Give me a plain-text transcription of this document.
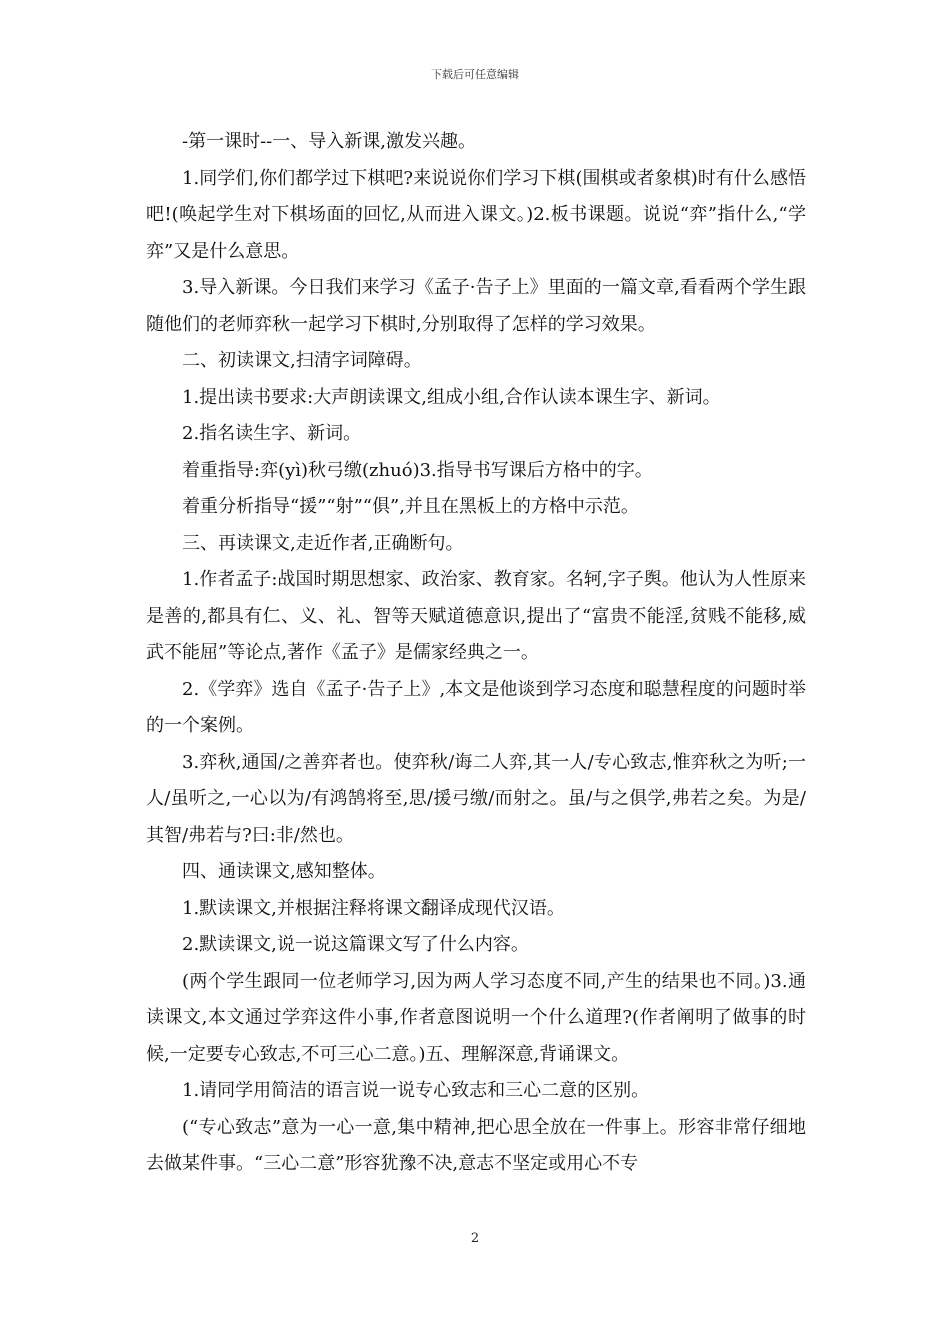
下载后可任意编辑

-第一课时--一、导入新课,激发兴趣。

1.同学们,你们都学过下棋吧?来说说你们学习下棋(围棋或者象棋)时有什么感悟吧!(唤起学生对下棋场面的回忆,从而进入课文。)2.板书课题。说说“弈”指什么,“学弈”又是什么意思。

3.导入新课。今日我们来学习《孟子·告子上》里面的一篇文章,看看两个学生跟随他们的老师弈秋一起学习下棋时,分别取得了怎样的学习效果。

二、初读课文,扫清字词障碍。

1.提出读书要求:大声朗读课文,组成小组,合作认读本课生字、新词。

2.指名读生字、新词。

着重指导:弈(yì)秋弓缴(zhuó)3.指导书写课后方格中的字。

着重分析指导“援”“射”“俱”,并且在黑板上的方格中示范。

三、再读课文,走近作者,正确断句。

1.作者孟子:战国时期思想家、政治家、教育家。名轲,字子舆。他认为人性原来是善的,都具有仁、义、礼、智等天赋道德意识,提出了“富贵不能淫,贫贱不能移,威武不能屈”等论点,著作《孟子》是儒家经典之一。

2.《学弈》选自《孟子·告子上》,本文是他谈到学习态度和聪慧程度的问题时举的一个案例。

3.弈秋,通国/之善弈者也。使弈秋/诲二人弈,其一人/专心致志,惟弈秋之为听;一人/虽听之,一心以为/有鸿鹄将至,思/援弓缴/而射之。虽/与之俱学,弗若之矣。为是/其智/弗若与?曰:非/然也。

四、通读课文,感知整体。

1.默读课文,并根据注释将课文翻译成现代汉语。

2.默读课文,说一说这篇课文写了什么内容。

(两个学生跟同一位老师学习,因为两人学习态度不同,产生的结果也不同。)3.通读课文,本文通过学弈这件小事,作者意图说明一个什么道理?(作者阐明了做事的时候,一定要专心致志,不可三心二意。)五、理解深意,背诵课文。

1.请同学用简洁的语言说一说专心致志和三心二意的区别。

(“专心致志”意为一心一意,集中精神,把心思全放在一件事上。形容非常仔细地去做某件事。“三心二意”形容犹豫不决,意志不坚定或用心不专

2
